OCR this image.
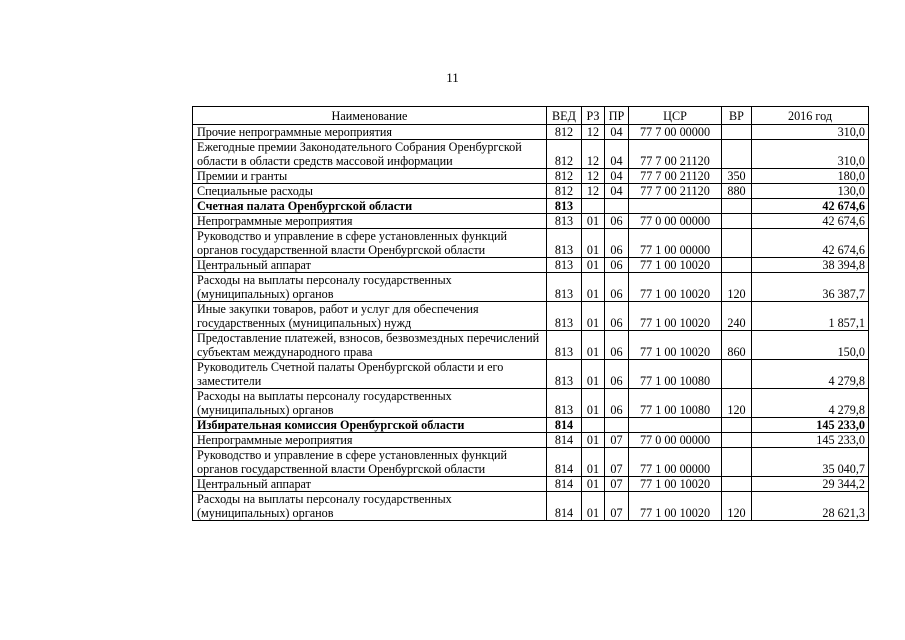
11
Наименование	ВЕД	РЗ	ПР	ЦСР	ВР	2016 год
Прочие непрограммные мероприятия	812	12	04	77 7 00 00000		310,0
Ежегодные премии Законодательного Собрания Оренбургской области в области средств массовой информации	812	12	04	77 7 00 21120		310,0
Премии и гранты	812	12	04	77 7 00 21120	350	180,0
Специальные расходы	812	12	04	77 7 00 21120	880	130,0
Счетная палата Оренбургской области	813					42 674,6
Непрограммные мероприятия	813	01	06	77 0 00 00000		42 674,6
Руководство и управление в сфере установленных функций органов государственной власти Оренбургской области	813	01	06	77 1 00 00000		42 674,6
Центральный аппарат	813	01	06	77 1 00 10020		38 394,8
Расходы на выплаты персоналу государственных (муниципальных) органов	813	01	06	77 1 00 10020	120	36 387,7
Иные закупки товаров, работ и услуг для обеспечения государственных (муниципальных) нужд	813	01	06	77 1 00 10020	240	1 857,1
Предоставление платежей, взносов, безвозмездных перечислений субъектам международного права	813	01	06	77 1 00 10020	860	150,0
Руководитель Счетной палаты Оренбургской области и его заместители	813	01	06	77 1 00 10080		4 279,8
Расходы на выплаты персоналу государственных (муниципальных) органов	813	01	06	77 1 00 10080	120	4 279,8
Избирательная комиссия Оренбургской области	814					145 233,0
Непрограммные мероприятия	814	01	07	77 0 00 00000		145 233,0
Руководство и управление в сфере установленных функций органов государственной власти Оренбургской области	814	01	07	77 1 00 00000		35 040,7
Центральный аппарат	814	01	07	77 1 00 10020		29 344,2
Расходы на выплаты персоналу государственных (муниципальных) органов	814	01	07	77 1 00 10020	120	28 621,3
